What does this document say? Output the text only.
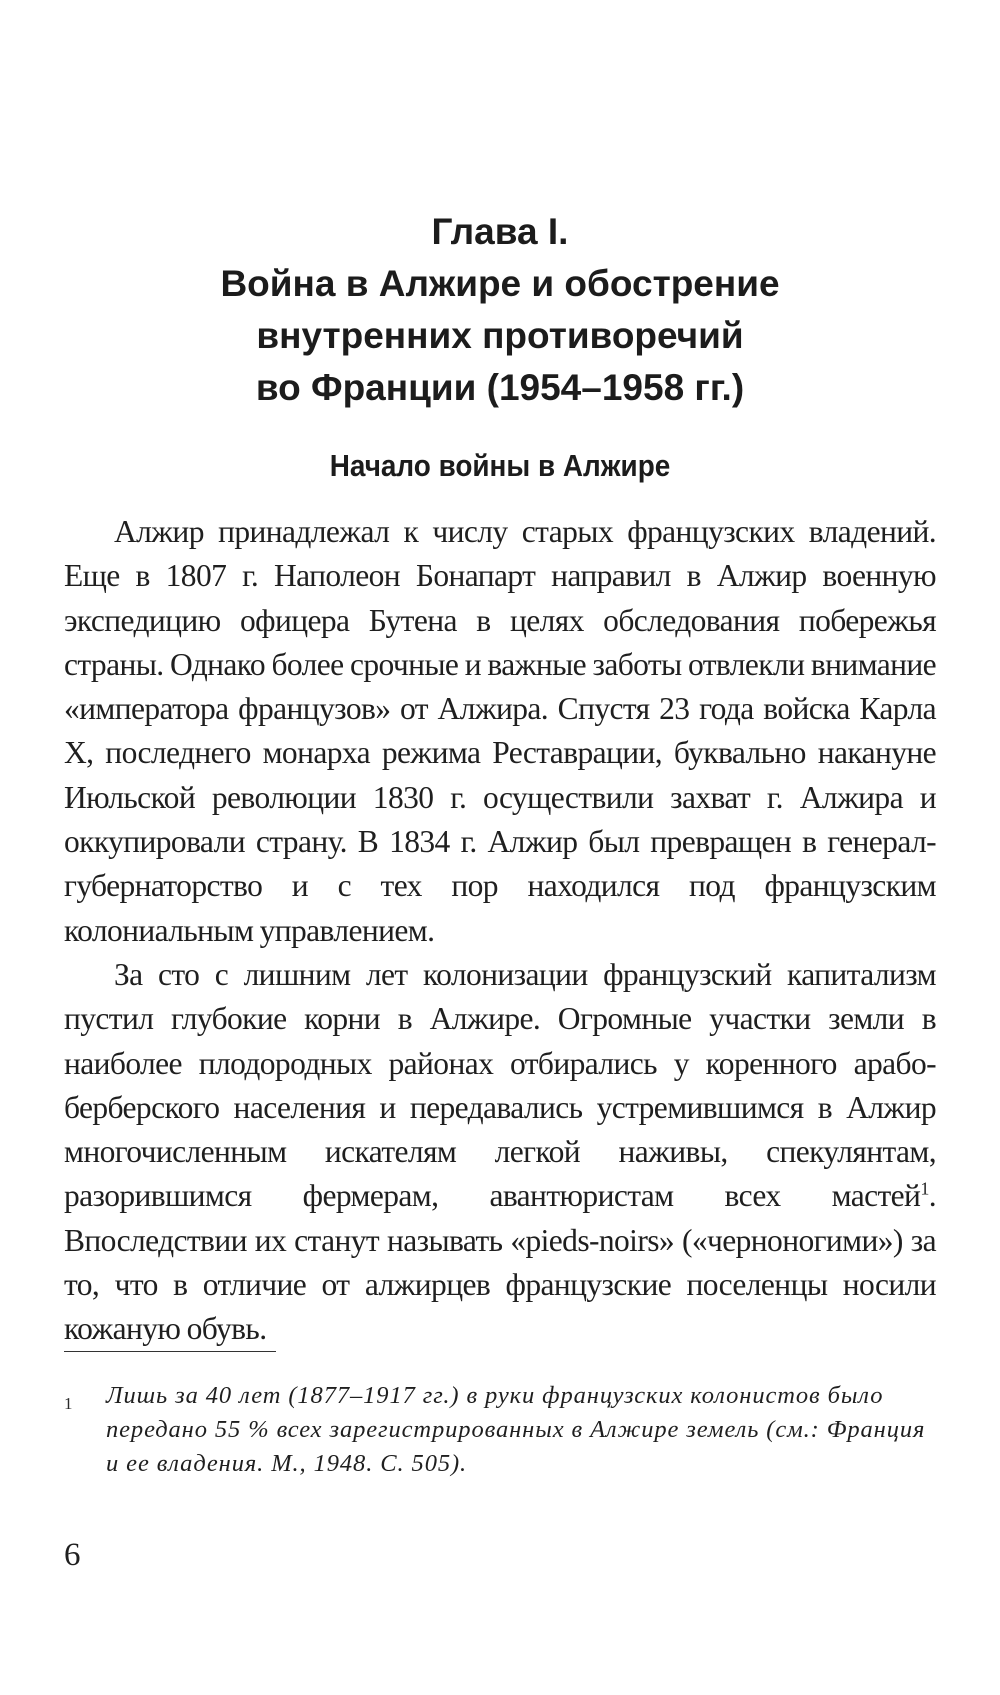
Глава I.
Война в Алжире и обострение
внутренних противоречий
во Франции (1954–1958 гг.)
Начало войны в Алжире

Алжир принадлежал к числу старых французских владений. Еще в 1807 г. Наполеон Бонапарт направил в Алжир военную экспедицию офицера Бутена в целях обследования побережья страны. Однако более срочные и важные заботы отвлекли внимание «императора французов» от Алжира. Спустя 23 года войска Карла X, последнего монарха режима Реставрации, буквально накануне Июльской революции 1830 г. осуществили захват г. Алжира и оккупировали страну. В 1834 г. Алжир был превращен в генерал-губернаторство и с тех пор находился под французским колониальным управлением.

За сто с лишним лет колонизации французский капитализм пустил глубокие корни в Алжире. Огромные участки земли в наиболее плодородных районах отбирались у коренного арабо-берберского населения и передавались устремившимся в Алжир многочисленным искателям легкой наживы, спекулянтам, разорившимся фермерам, авантюристам всех мастей$^1$. Впоследствии их станут называть «pieds-noirs» («черноногими») за то, что в отличие от алжирцев французские поселенцы носили кожаную обувь.

1 Лишь за 40 лет (1877–1917 гг.) в руки французских колонистов было передано 55 % всех зарегистрированных в Алжире земель (см.: Франция и ее владения. М., 1948. С. 505).

6
